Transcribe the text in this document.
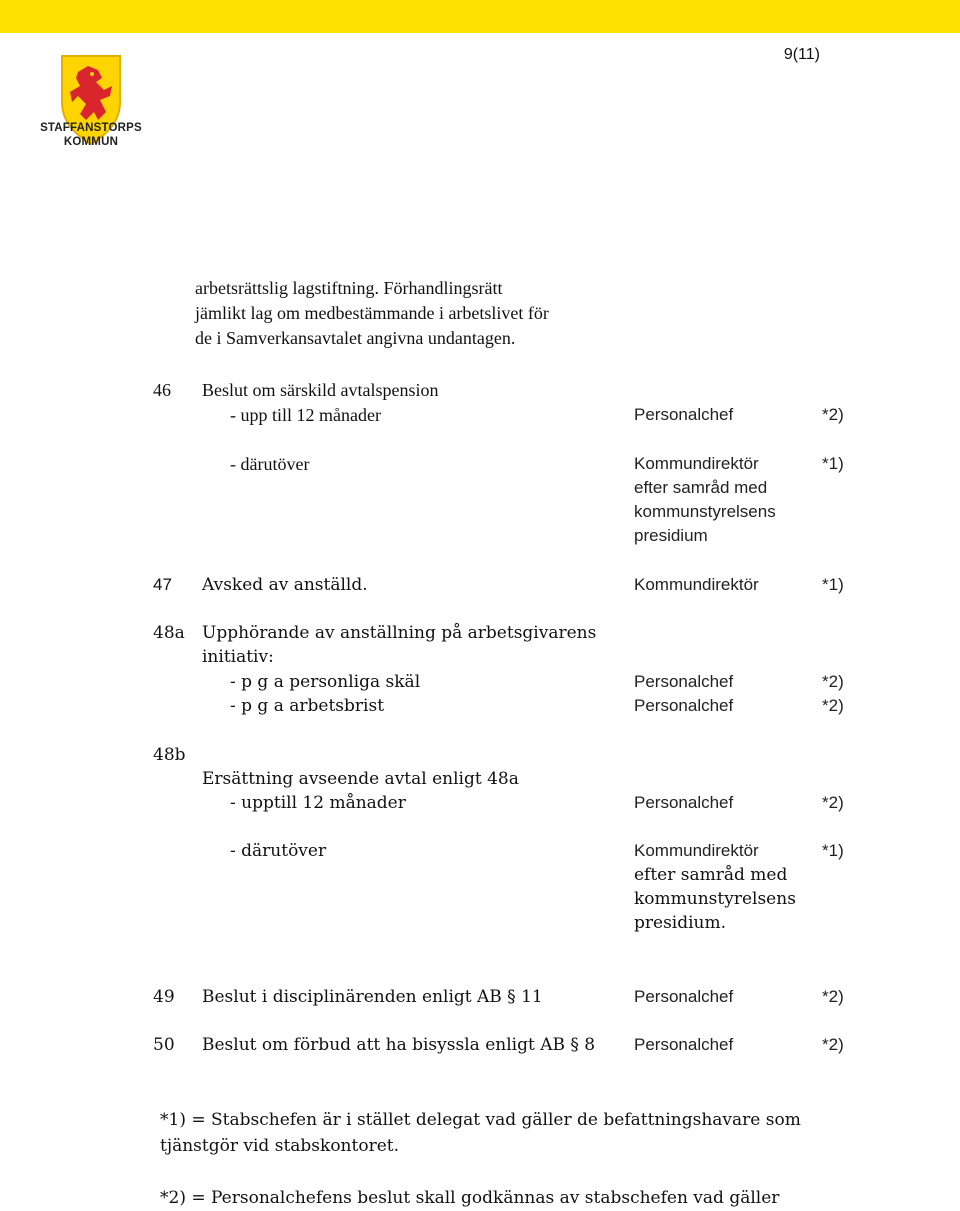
9(11)
STAFFANSTORPS
KOMMUN
arbetsrättslig lagstiftning. Förhandlingsrätt
jämlikt lag om medbestämmande i arbetslivet för
de i Samverkansavtalet angivna undantagen.
46 Beslut om särskild avtalspension
- upp till 12 månader	Personalchef	*2)
- därutöver	Kommundirektör	*1)
efter samråd med
kommunstyrelsens
presidium
47 Avsked av anställd.	Kommundirektör	*1)
48a Upphörande av anställning på arbetsgivarens
initiativ:
- p g a personliga skäl	Personalchef	*2)
- p g a arbetsbrist	Personalchef	*2)
48b
Ersättning avseende avtal enligt 48a
- upptill 12 månader	Personalchef	*2)
- därutöver	Kommundirektör	*1)
efter samråd med
kommunstyrelsens
presidium.
49 Beslut i disciplinärenden enligt AB § 11	Personalchef	*2)
50 Beslut om förbud att ha bisyssla enligt AB § 8 Personalchef	*2)
*1) = Stabschefen är i stället delegat vad gäller de befattningshavare som
tjänstgör vid stabskontoret.
*2) = Personalchefens beslut skall godkännas av stabschefen vad gäller
